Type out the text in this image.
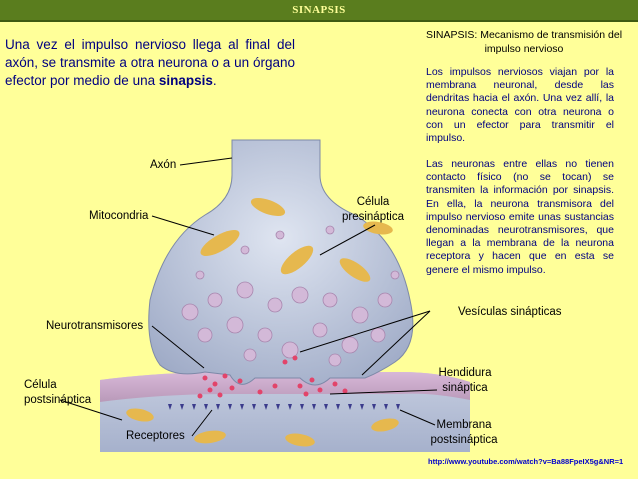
SINAPSIS
Una vez el impulso nervioso llega al final del axón, se transmite a otra neurona o a un órgano efector por medio de una sinapsis.
SINAPSIS: Mecanismo de transmisión del impulso nervioso
Los impulsos nerviosos viajan por la membrana neuronal, desde las dendritas hacia el axón. Una vez allí, la neurona conecta con otra neurona o con un efector para transmitir el impulso.
Las neuronas entre ellas no tienen contacto físico (no se tocan) se transmiten la información por sinapsis. En ella, la neurona transmisora del impulso nervioso emite unas sustancias denominadas neurotransmisores, que llegan a la membrana de la neurona receptora y hacen que en esta se genere el mismo impulso.
Axón
Mitocondria
Célula
presináptica
Neurotransmisores
Vesículas sinápticas
Hendidura
sináptica
Célula
postsináptica
Membrana
postsináptica
Receptores
http://www.youtube.com/watch?v=Ba88FpeIX5g&NR=1
